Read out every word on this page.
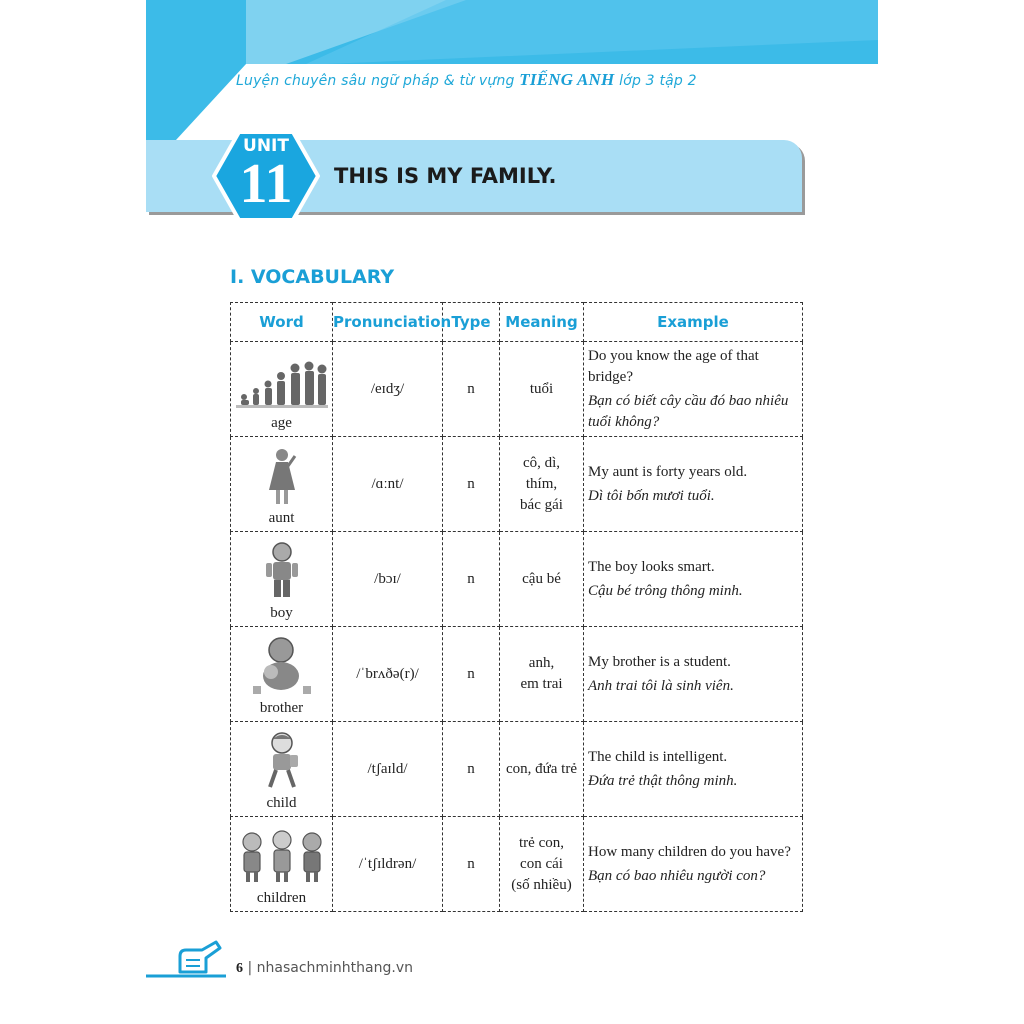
Luyện chuyên sâu ngữ pháp & từ vựng TIẾNG ANH lớp 3 tập 2
UNIT
11	THIS IS MY FAMILY.
I. VOCABULARY
Word	Pronunciation	Type	Meaning	Example

age	/eɪdʒ/	n	tuổi	Do you know the age of that bridge?
Bạn có biết cây cầu đó bao nhiêu tuổi không?

aunt	/ɑːnt/	n	cô, dì,
thím,
bác gái	My aunt is forty years old.
Dì tôi bốn mươi tuổi.

boy	/bɔɪ/	n	cậu bé	The boy looks smart.
Cậu bé trông thông minh.

brother	/ˈbrʌðə(r)/	n	anh,
em trai	My brother is a student.
Anh trai tôi là sinh viên.

child	/tʃaɪld/	n	con, đứa trẻ	The child is intelligent.
Đứa trẻ thật thông minh.

children	/ˈtʃɪldrən/	n	trẻ con,
con cái
(số nhiều)	How many children do you have?
Bạn có bao nhiêu người con?
6 | nhasachminhthang.vn
